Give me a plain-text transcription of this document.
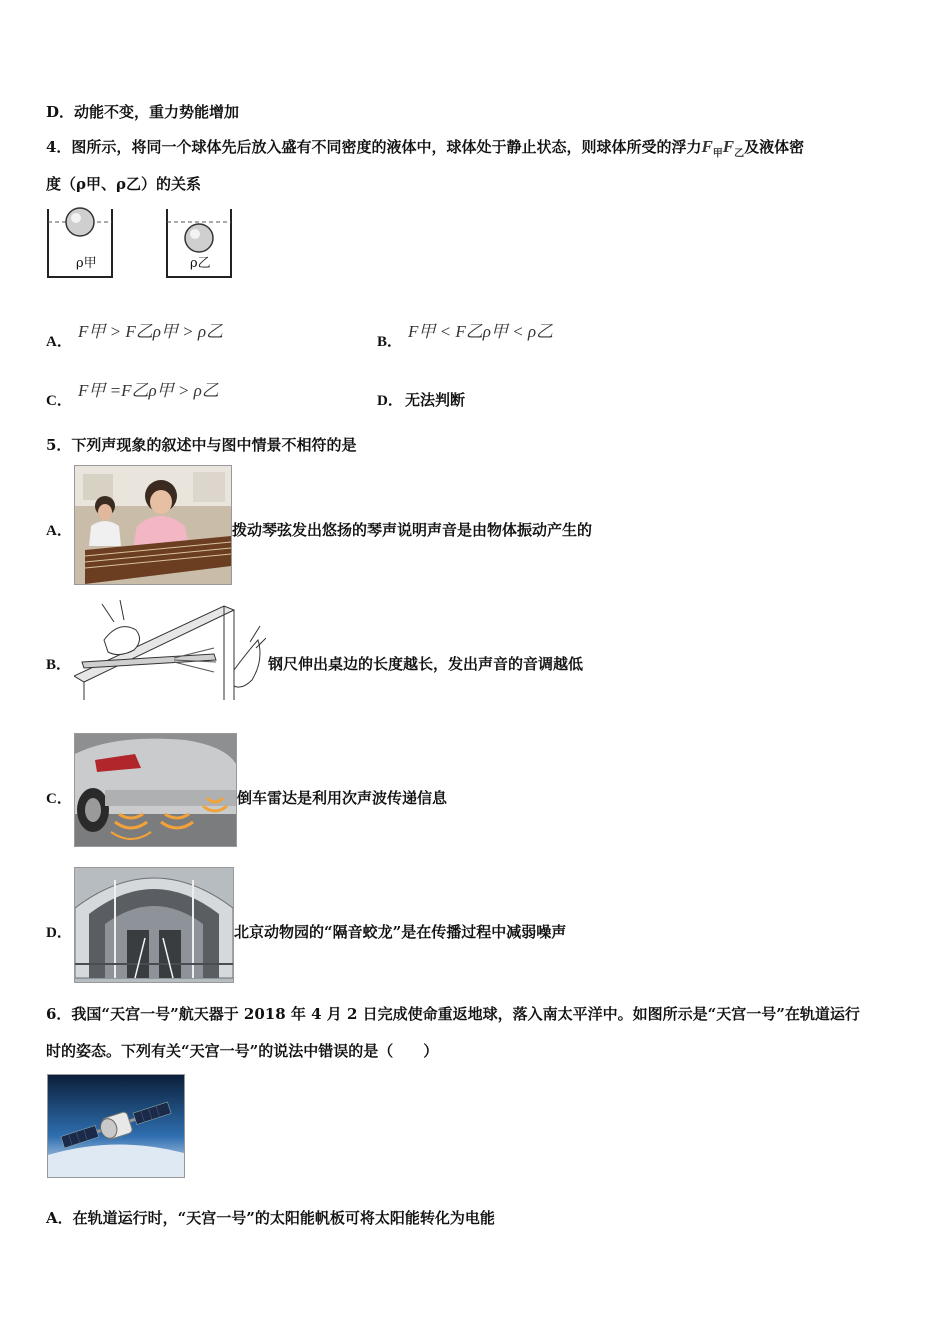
D．动能不变，重力势能增加
4．图所示，将同一个球体先后放入盛有不同密度的液体中，球体处于静止状态，则球体所受的浮力$F_甲F_乙$及液体密
度（ρ甲、ρ乙）的关系
ρ甲	ρ乙
A．
F甲 > F乙ρ甲 > ρ乙
B．
F甲 < F乙ρ甲 < ρ乙
C．
F甲 =F乙ρ甲 > ρ乙
D． 无法判断
5．下列声现象的叙述中与图中情景不相符的是
A．	拨动琴弦发出悠扬的琴声说明声音是由物体振动产生的
B．	钢尺伸出桌边的长度越长，发出声音的音调越低
C．	倒车雷达是利用次声波传递信息
D．	北京动物园的“隔音蛟龙”是在传播过程中减弱噪声
6．我国“天宫一号”航天器于 2018 年 4 月 2 日完成使命重返地球，落入南太平洋中。如图所示是“天宫一号”在轨道运行
时的姿态。下列有关“天宫一号”的说法中错误的是（　　）
A．在轨道运行时，“天宫一号”的太阳能帆板可将太阳能转化为电能
